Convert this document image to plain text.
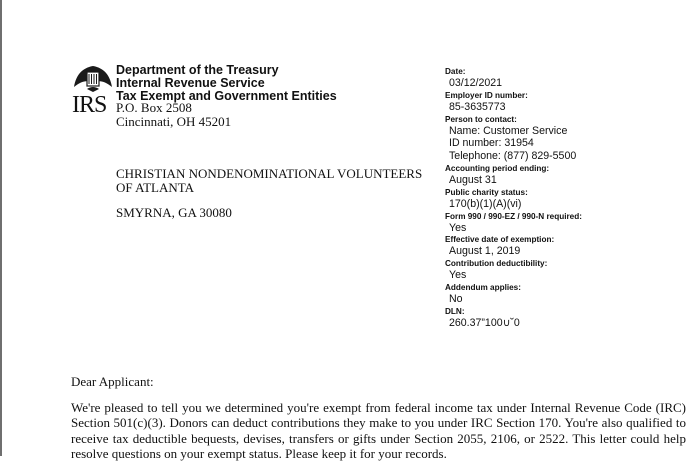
IRS
Department of the Treasury
Internal Revenue Service
Tax Exempt and Government Entities
P.O. Box 2508
Cincinnati, OH 45201
CHRISTIAN NONDENOMINATIONAL VOLUNTEERS
OF ATLANTA
SMYRNA, GA 30080
Date:
03/12/2021
Employer ID number:
85-3635773
Person to contact:
Name: Customer Service
ID number: 31954
Telephone: (877) 829-5500
Accounting period ending:
August 31
Public charity status:
170(b)(1)(A)(vi)
Form 990 / 990-EZ / 990-N required:
Yes
Effective date of exemption:
August 1, 2019
Contribution deductibility:
Yes
Addendum applies:
No
DLN:
260.37”100∪˘0
Dear Applicant:
We're pleased to tell you we determined you're exempt from federal income tax under Internal Revenue Code (IRC) Section 501(c)(3). Donors can deduct contributions they make to you under IRC Section 170. You're also qualified to receive tax deductible bequests, devises, transfers or gifts under Section 2055, 2106, or 2522. This letter could help resolve questions on your exempt status. Please keep it for your records.
